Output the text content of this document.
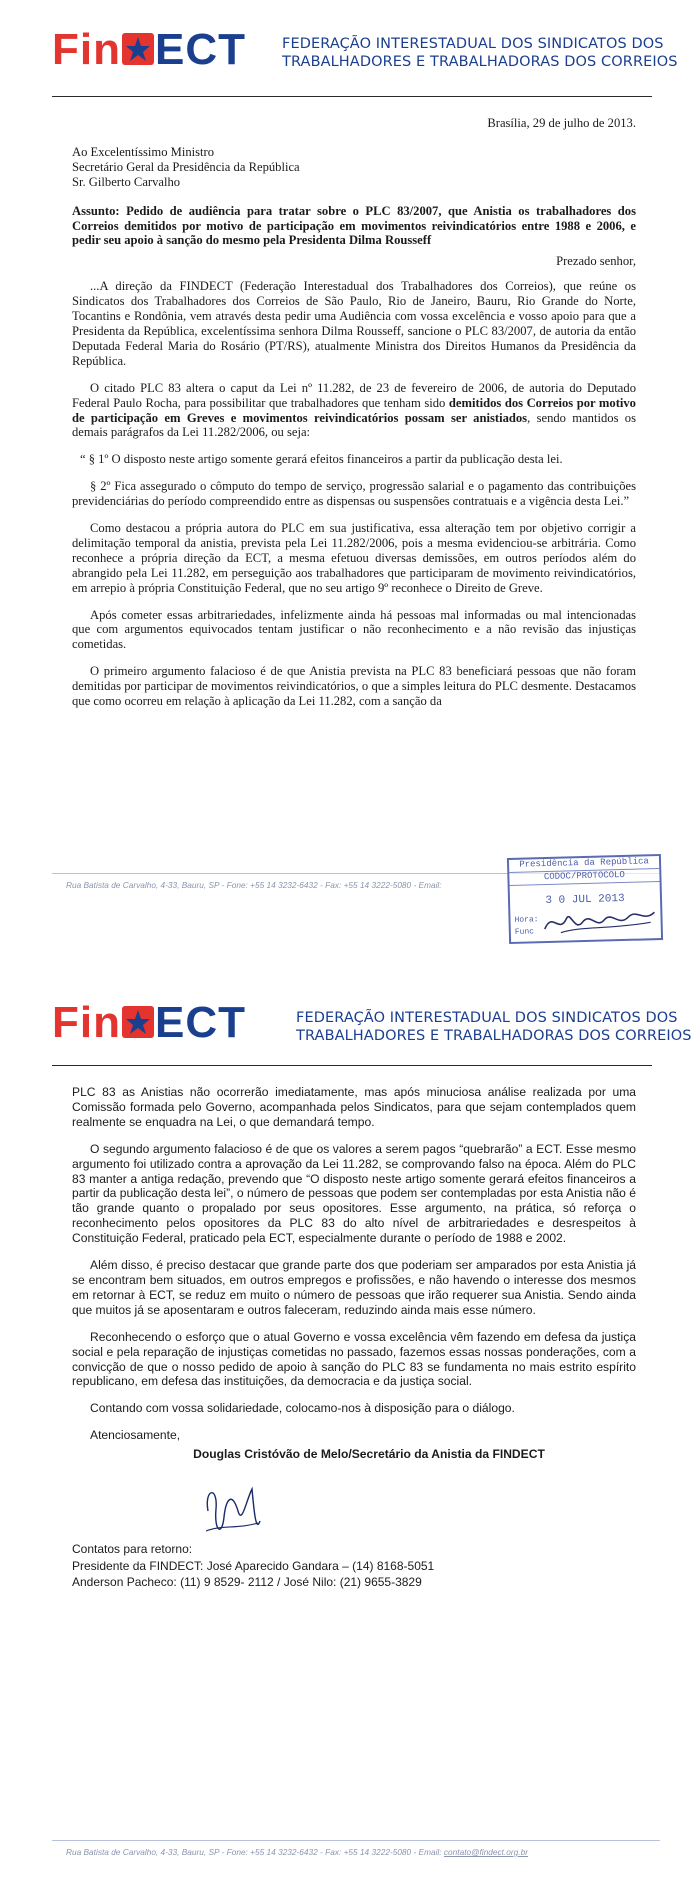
Fin ECT FEDERAÇÃO INTERESTADUAL DOS SINDICATOS DOS
TRABALHADORES E TRABALHADORAS DOS CORREIOS

Brasília, 29 de julho de 2013.

Ao Excelentíssimo Ministro
Secretário Geral da Presidência da República
Sr. Gilberto Carvalho

Assunto: Pedido de audiência para tratar sobre o PLC 83/2007, que Anistia os trabalhadores dos Correios demitidos por motivo de participação em movimentos reivindicatórios entre 1988 e 2006, e pedir seu apoio à sanção do mesmo pela Presidenta Dilma Rousseff

Prezado senhor,

...A direção da FINDECT (Federação Interestadual dos Trabalhadores dos Correios), que reúne os Sindicatos dos Trabalhadores dos Correios de São Paulo, Rio de Janeiro, Bauru, Rio Grande do Norte, Tocantins e Rondônia, vem através desta pedir uma Audiência com vossa excelência e vosso apoio para que a Presidenta da República, excelentíssima senhora Dilma Rousseff, sancione o PLC 83/2007, de autoria da então Deputada Federal Maria do Rosário (PT/RS), atualmente Ministra dos Direitos Humanos da Presidência da República.

O citado PLC 83 altera o caput da Lei nº 11.282, de 23 de fevereiro de 2006, de autoria do Deputado Federal Paulo Rocha, para possibilitar que trabalhadores que tenham sido demitidos dos Correios por motivo de participação em Greves e movimentos reivindicatórios possam ser anistiados, sendo mantidos os demais parágrafos da Lei 11.282/2006, ou seja:

“ § 1º O disposto neste artigo somente gerará efeitos financeiros a partir da publicação desta lei.

§ 2º Fica assegurado o cômputo do tempo de serviço, progressão salarial e o pagamento das contribuições previdenciárias do período compreendido entre as dispensas ou suspensões contratuais e a vigência desta Lei.”

Como destacou a própria autora do PLC em sua justificativa, essa alteração tem por objetivo corrigir a delimitação temporal da anistia, prevista pela Lei 11.282/2006, pois a mesma evidenciou-se arbitrária. Como reconhece a própria direção da ECT, a mesma efetuou diversas demissões, em outros períodos além do abrangido pela Lei 11.282, em perseguição aos trabalhadores que participaram de movimento reivindicatórios, em arrepio à própria Constituição Federal, que no seu artigo 9º reconhece o Direito de Greve.

Após cometer essas arbitrariedades, infelizmente ainda há pessoas mal informadas ou mal intencionadas que com argumentos equivocados tentam justificar o não reconhecimento e a não revisão das injustiças cometidas.

O primeiro argumento falacioso é de que Anistia prevista na PLC 83 beneficiará pessoas que não foram demitidas por participar de movimentos reivindicatórios, o que a simples leitura do PLC desmente. Destacamos que como ocorreu em relação à aplicação da Lei 11.282, com a sanção da

Rua Batista de Carvalho, 4-33, Bauru, SP - Fone: +55 14 3232-6432 - Fax: +55 14 3222-5080 - Email:
Presidência da República
CODOC/PROTOCOLO
3 0 JUL 2013
Hora:
Func
Fin ECT	FEDERAÇÃO INTERESTADUAL DOS SINDICATOS DOS
TRABALHADORES E TRABALHADORAS DOS CORREIOS

PLC 83 as Anistias não ocorrerão imediatamente, mas após minuciosa análise realizada por uma Comissão formada pelo Governo, acompanhada pelos Sindicatos, para que sejam contemplados quem realmente se enquadra na Lei, o que demandará tempo.

O segundo argumento falacioso é de que os valores a serem pagos “quebrarão” a ECT. Esse mesmo argumento foi utilizado contra a aprovação da Lei 11.282, se comprovando falso na época. Além do PLC 83 manter a antiga redação, prevendo que “O disposto neste artigo somente gerará efeitos financeiros a partir da publicação desta lei”, o número de pessoas que podem ser contempladas por esta Anistia não é tão grande quanto o propalado por seus opositores. Esse argumento, na prática, só reforça o reconhecimento pelos opositores da PLC 83 do alto nível de arbitrariedades e desrespeitos à Constituição Federal, praticado pela ECT, especialmente durante o período de 1988 e 2002.

Além disso, é preciso destacar que grande parte dos que poderiam ser amparados por esta Anistia já se encontram bem situados, em outros empregos e profissões, e não havendo o interesse dos mesmos em retornar à ECT, se reduz em muito o número de pessoas que irão requerer sua Anistia. Sendo ainda que muitos já se aposentaram e outros faleceram, reduzindo ainda mais esse número.

Reconhecendo o esforço que o atual Governo e vossa excelência vêm fazendo em defesa da justiça social e pela reparação de injustiças cometidas no passado, fazemos essas nossas ponderações, com a convicção de que o nosso pedido de apoio à sanção do PLC 83 se fundamenta no mais estrito espírito republicano, em defesa das instituições, da democracia e da justiça social.

Contando com vossa solidariedade, colocamo-nos à disposição para o diálogo.

Atenciosamente,

Douglas Cristóvão de Melo/Secretário da Anistia da FINDECT

Contatos para retorno:
Presidente da FINDECT: José Aparecido Gandara – (14) 8168-5051
Anderson Pacheco: (11) 9 8529- 2112 / José Nilo: (21) 9655-3829
Rua Batista de Carvalho, 4-33, Bauru, SP - Fone: +55 14 3232-6432 - Fax: +55 14 3222-5080 - Email: contato@findect.org.br
